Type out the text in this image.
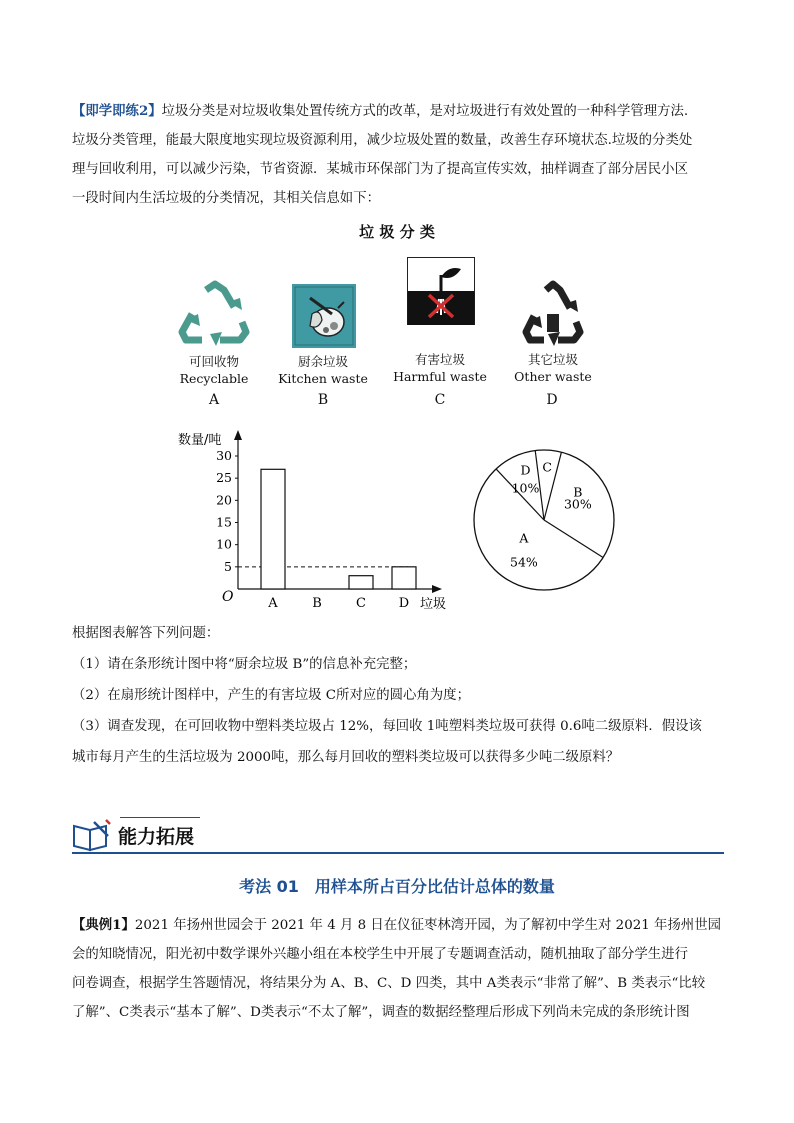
【即学即练2】垃圾分类是对垃圾收集处置传统方式的改革，是对垃圾进行有效处置的一种科学管理方法.

垃圾分类管理，能最大限度地实现垃圾资源利用，减少垃圾处置的数量，改善生存环境状态.垃圾的分类处

理与回收利用，可以减少污染，节省资源．某城市环保部门为了提高宣传实效，抽样调查了部分居民小区

一段时间内生活垃圾的分类情况，其相关信息如下：

垃 圾 分 类
可回收物
Recyclable
厨余垃圾
Kitchen waste
有害垃圾
Harmful waste
其它垃圾
Other waste
A	B	C	D
数量/吨
垃圾
O
5
10
15
20
25
30
A	B	C	D
B
30%
A
54%
D
10%
C
根据图表解答下列问题：
（1）请在条形统计图中将“厨余垃圾 B”的信息补充完整；
（2）在扇形统计图样中，产生的有害垃圾 C所对应的圆心角为度；
（3）调查发现，在可回收物中塑料类垃圾占 12%，每回收 1吨塑料类垃圾可获得 0.6吨二级原料．假设该
城市每月产生的生活垃圾为 2000吨，那么每月回收的塑料类垃圾可以获得多少吨二级原料？
能力拓展
考法 01　用样本所占百分比估计总体的数量

【典例1】2021 年扬州世园会于 2021 年 4 月 8 日在仪征枣林湾开园，为了解初中学生对 2021 年扬州世园

会的知晓情况，阳光初中数学课外兴趣小组在本校学生中开展了专题调查活动，随机抽取了部分学生进行

问卷调查，根据学生答题情况，将结果分为 A、B、C、D 四类，其中 A类表示“非常了解”、B 类表示“比较

了解”、C类表示“基本了解”、D类表示“不太了解”，调查的数据经整理后形成下列尚未完成的条形统计图
